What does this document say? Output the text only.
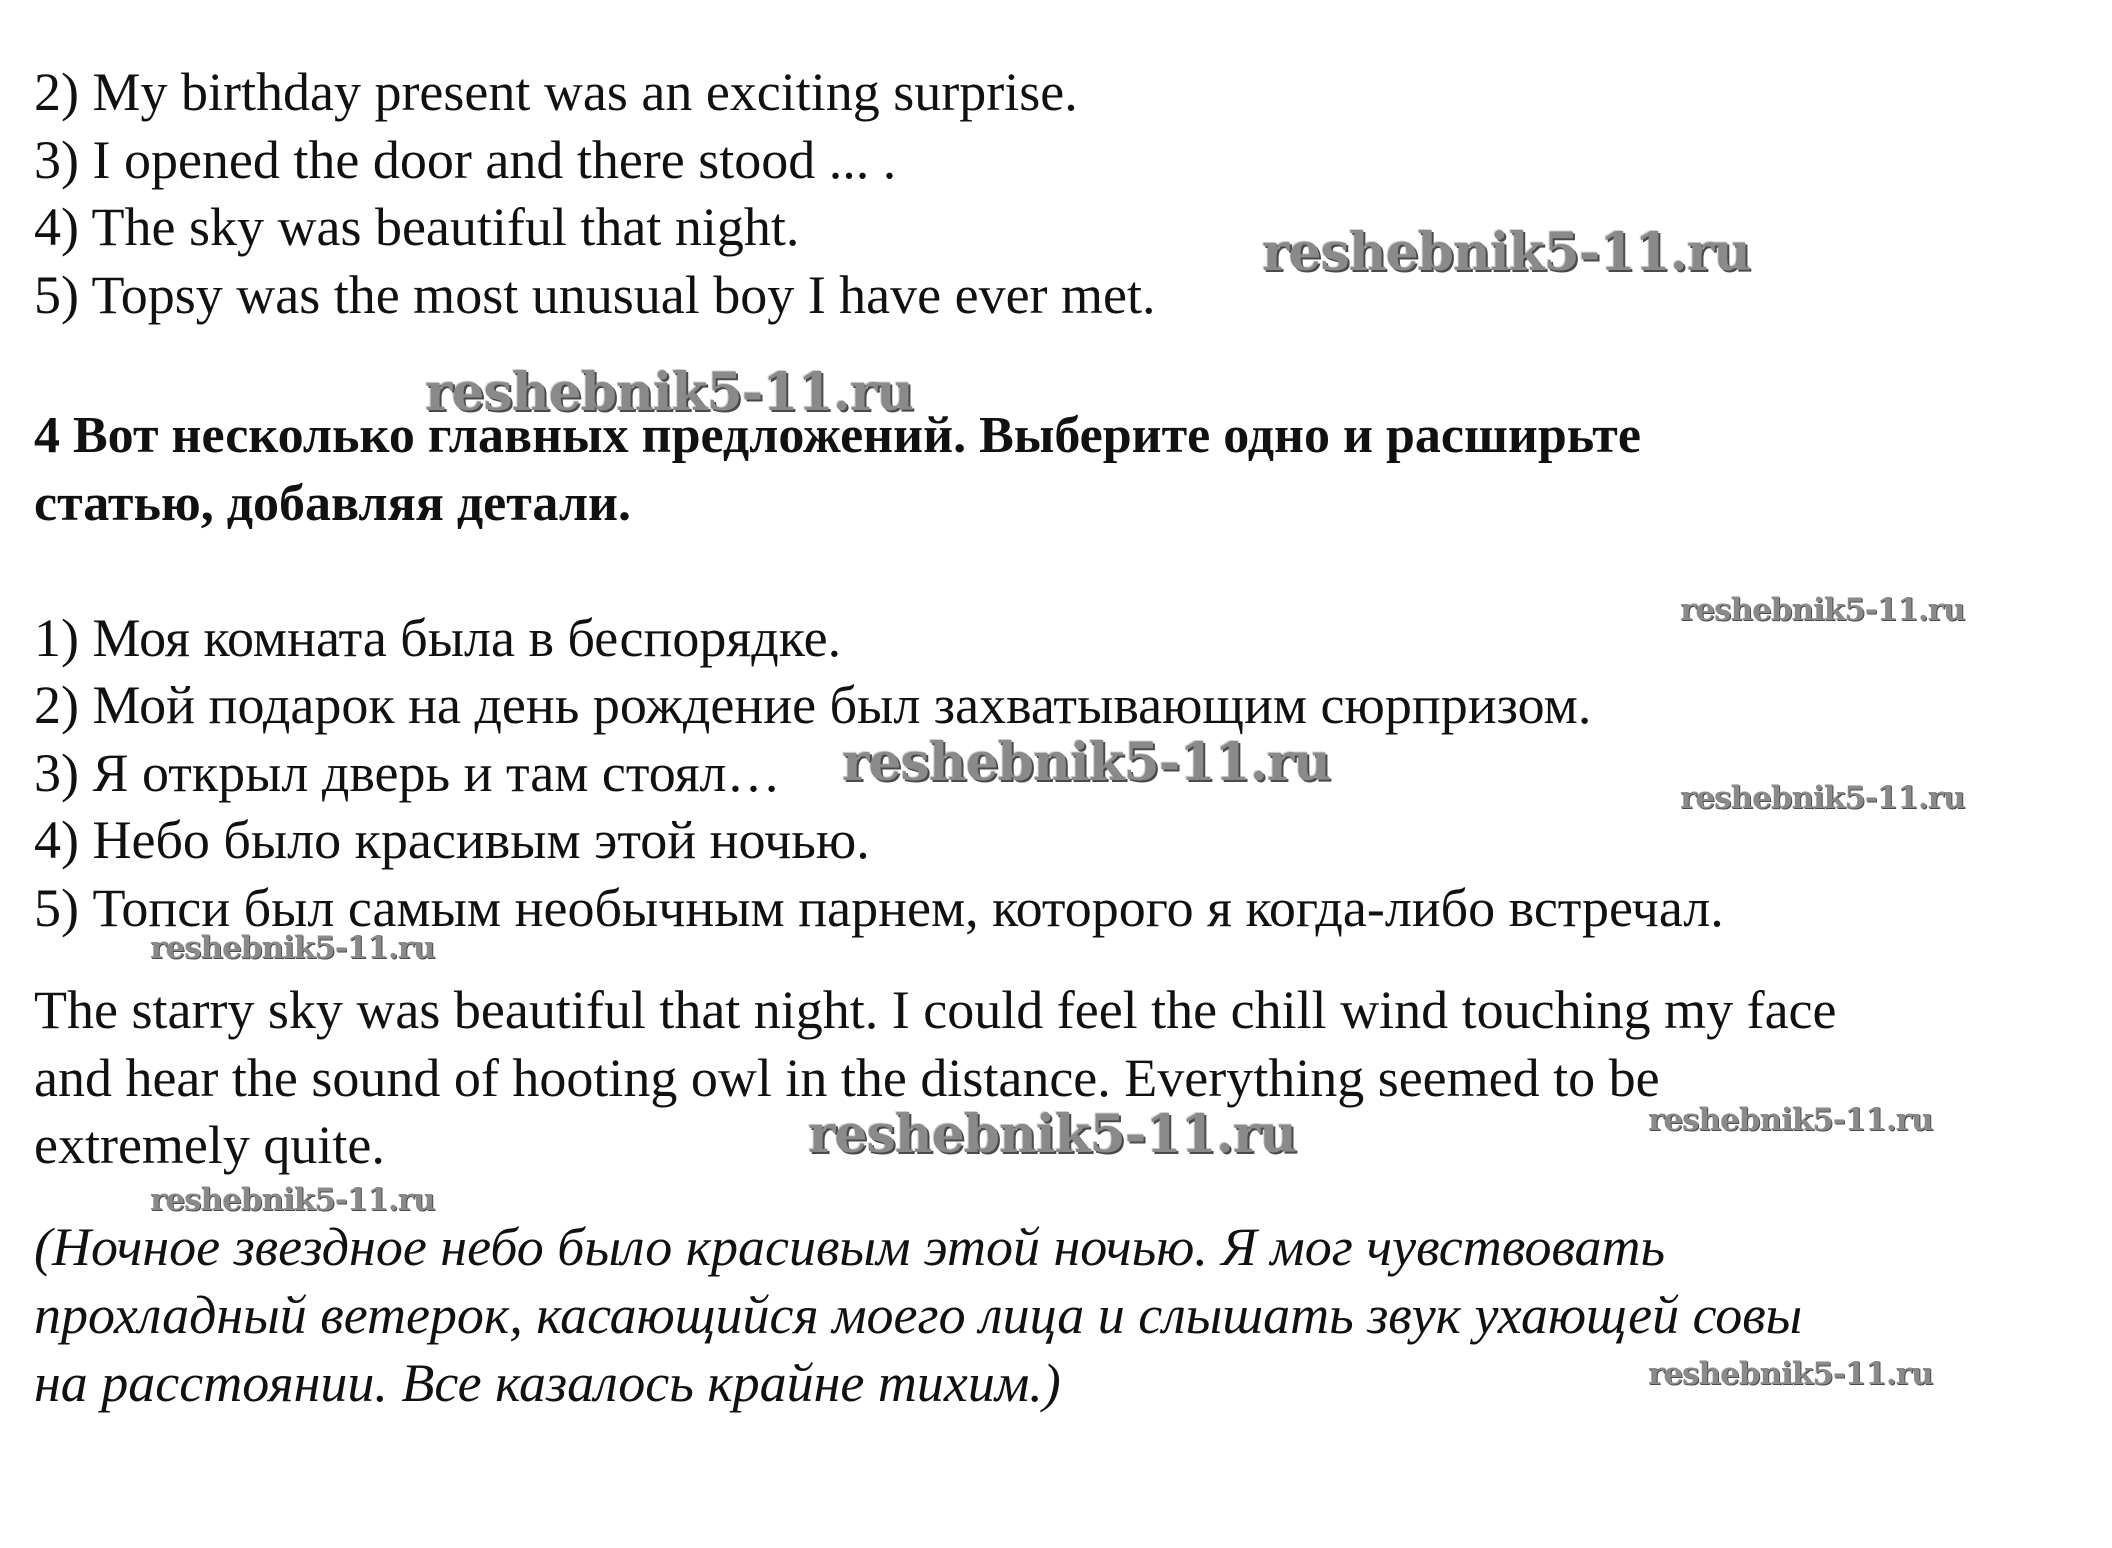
2) My birthday present was an exciting surprise.
3) I opened the door and there stood ... .
4) The sky was beautiful that night.
5) Topsy was the most unusual boy I have ever met.
4 Вот несколько главных предложений. Выберите одно и расширьте
статью, добавляя детали.
1) Моя комната была в беспорядке.
2) Мой подарок на день рождение был захватывающим сюрпризом.
3) Я открыл дверь и там стоял…
4) Небо было красивым этой ночью.
5) Топси был самым необычным парнем, которого я когда-либо встречал.
The starry sky was beautiful that night. I could feel the chill wind touching my face
and hear the sound of hooting owl in the distance. Everything seemed to be
extremely quite.
(Ночное звездное небо было красивым этой ночью. Я мог чувствовать
прохладный ветерок, касающийся моего лица и слышать звук ухающей совы
на расстоянии. Все казалось крайне тихим.)
reshebnik5-11.ru
reshebnik5-11.ru
reshebnik5-11.ru
reshebnik5-11.ru
reshebnik5-11.ru
reshebnik5-11.ru
reshebnik5-11.ru	reshebnik5-11.ru
reshebnik5-11.ru
reshebnik5-11.ru
